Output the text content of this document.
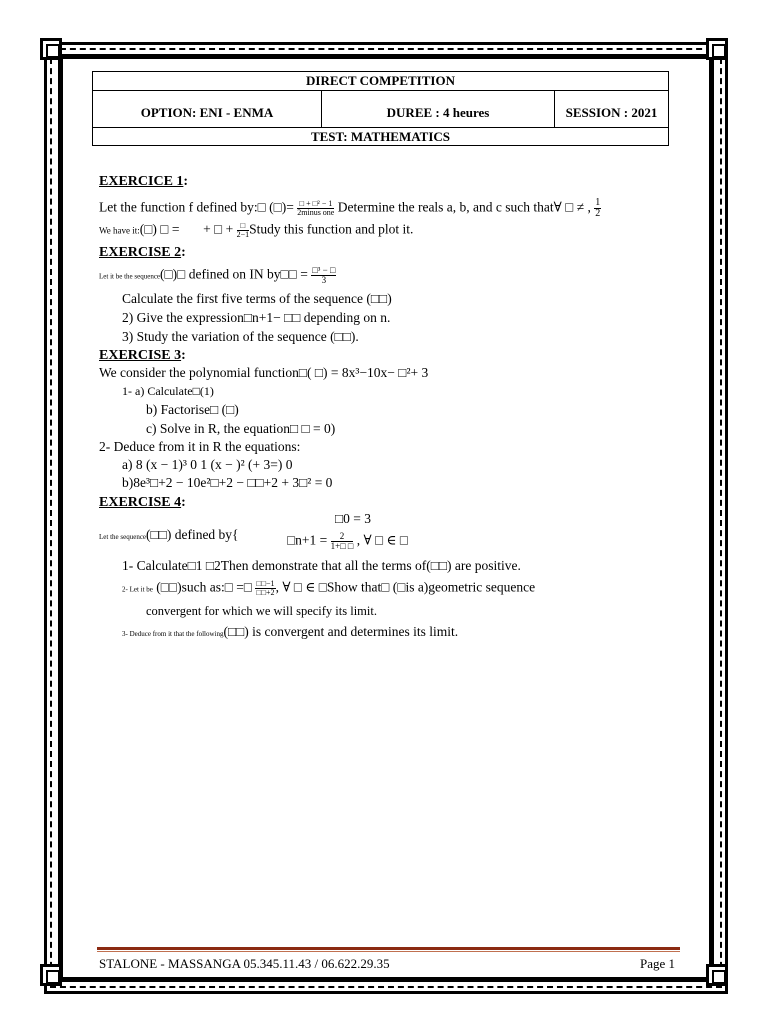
DIRECT COMPETITION
OPTION: ENI - ENMA	DUREE : 4 heures	SESSION : 2021
TEST: MATHEMATICS
EXERCICE 1:
Let the function f defined by:□ (□)= $\frac{\text{□ + □² − 1}}{\text{2minus one}}$ Determine the reals a, b, and c such that∀ □ ≠ , $\frac{1}{2}$
We have it:(□) □ = + □ + $\frac{□}{2-1}$ Study this function and plot it.
EXERCISE 2:
Let it be the sequence(□)□ defined on IN by□□ = $\frac{\text{□³ − □}}{3}$
Calculate the first five terms of the sequence (□□)
2) Give the expression□n+1− □□ depending on n.
3) Study the variation of the sequence (□□).
EXERCISE 3:
We consider the polynomial function□( □) = 8x³−10x− □²+ 3
1- a) Calculate□(1)
b) Factorise□ (□)
c) Solve in R, the equation□ □ = 0)
2- Deduce from it in R the equations:
a) 8 (x − 1)³ 0 1 (x − )² (+ 3=) 0
b)8e³□+2 − 10e²□+2 − □□+2 + 3□² = 0
EXERCISE 4:
□0 = 3
Let the sequence(□□) defined by{	□n+1 = $\frac{2}{1+□ □}$ , ∀ □ ∈ □
1- Calculate□1 □2Then demonstrate that all the terms of(□□) are positive.
2- Let it be (□□)such as:□ =□ $\frac{□□-1}{□□+2}$ , ∀ □ ∈ □Show that□ (□is a)geometric sequence
convergent for which we will specify its limit.
3- Deduce from it that the following(□□) is convergent and determines its limit.
STALONE - MASSANGA 05.345.11.43 / 06.622.29.35	Page 1
